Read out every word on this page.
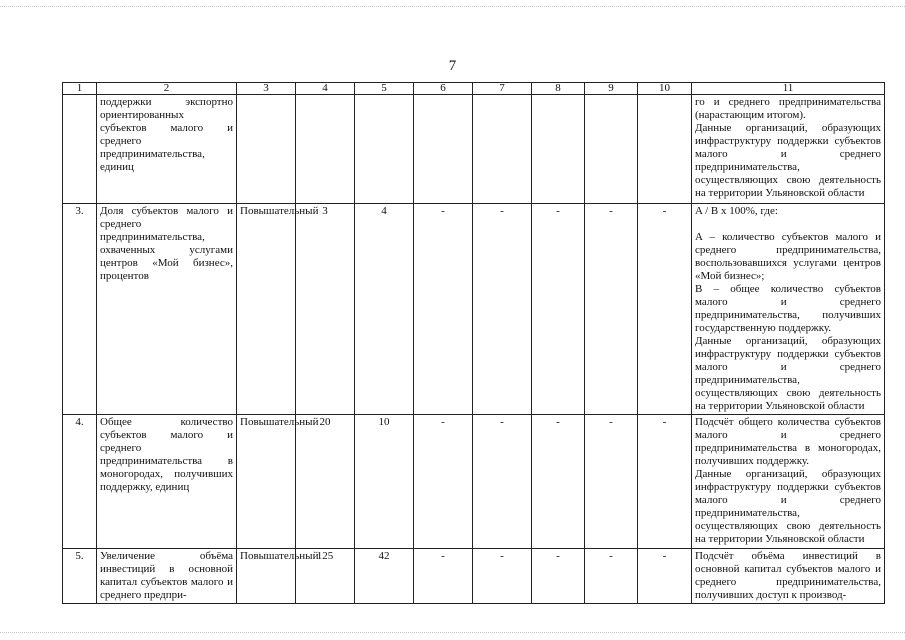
7
1	2	3	4	5	6	7	8	9	10	11
	поддержки экспортно ориентированных субъектов малого и среднего предпринимательства, единиц									го и среднего предпринимательства (нарастающим итогом).
Данные организаций, образующих инфраструктуру поддержки субъектов малого и среднего предпринимательства, осуществляющих свою деятельность на территории Ульяновской области

3.	Доля субъектов малого и среднего предпринимательства, охваченных услугами центров «Мой бизнес», процентов	Повышательный	3	4	-	-	-	-	-	A / B x 100%, где:

A – количество субъектов малого и среднего предпринимательства, воспользовавшихся услугами центров «Мой бизнес»;
B – общее количество субъектов малого и среднего предпринимательства, получивших государственную поддержку.
Данные организаций, образующих инфраструктуру поддержки субъектов малого и среднего предпринимательства, осуществляющих свою деятельность на территории Ульяновской области

4.	Общее количество субъектов малого и среднего предпринимательства в моногородах, получивших поддержку, единиц	Повышательный	20	10	-	-	-	-	-	Подсчёт общего количества субъектов малого и среднего предпринимательства в моногородах, получивших поддержку.
Данные организаций, образующих инфраструктуру поддержки субъектов малого и среднего предпринимательства, осуществляющих свою деятельность на территории Ульяновской области

5.	Увеличение объёма инвестиций в основной капитал субъектов малого и среднего предпри-	Повышательный	125	42	-	-	-	-	-	Подсчёт объёма инвестиций в основной капитал субъектов малого и среднего предпринимательства, получивших доступ к производ-
